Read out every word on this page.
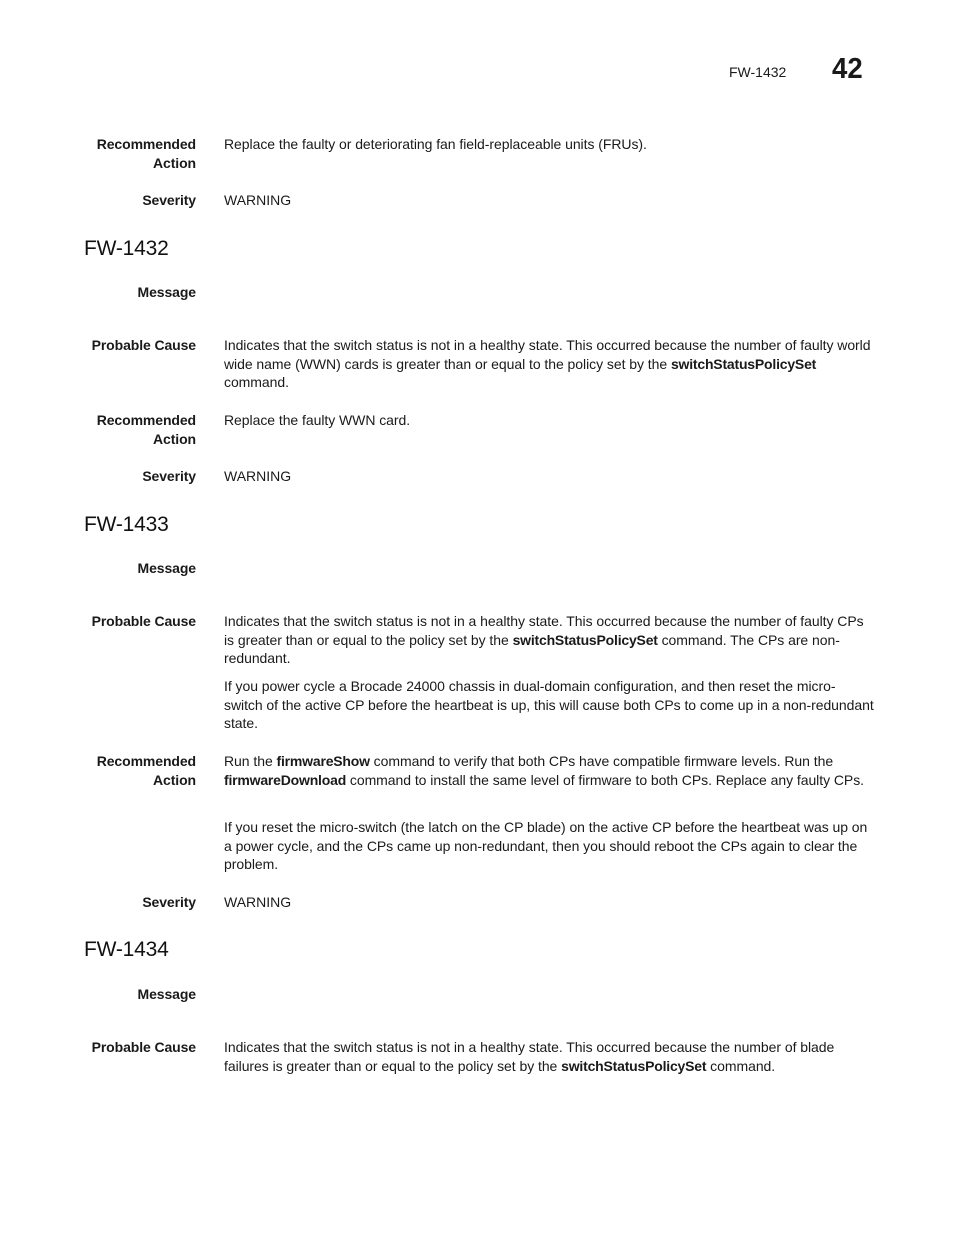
FW-1432 42
Recommended
Action
Replace the faulty or deteriorating fan field-replaceable units (FRUs).
Severity WARNING
FW-1432
Message
Probable Cause Indicates that the switch status is not in a healthy state. This occurred because the number of faulty world wide name (WWN) cards is greater than or equal to the policy set by the switchStatusPolicySet command.
Recommended
Action
Replace the faulty WWN card.
Severity WARNING
FW-1433
Message
Probable Cause Indicates that the switch status is not in a healthy state. This occurred because the number of faulty CPs is greater than or equal to the policy set by the switchStatusPolicySet command. The CPs are non-redundant.
If you power cycle a Brocade 24000 chassis in dual-domain configuration, and then reset the micro-switch of the active CP before the heartbeat is up, this will cause both CPs to come up in a non-redundant state.
Recommended
Action
Run the firmwareShow command to verify that both CPs have compatible firmware levels. Run the firmwareDownload command to install the same level of firmware to both CPs. Replace any faulty CPs.
If you reset the micro-switch (the latch on the CP blade) on the active CP before the heartbeat was up on a power cycle, and the CPs came up non-redundant, then you should reboot the CPs again to clear the problem.
Severity WARNING
FW-1434
Message
Probable Cause Indicates that the switch status is not in a healthy state. This occurred because the number of blade failures is greater than or equal to the policy set by the switchStatusPolicySet command.
